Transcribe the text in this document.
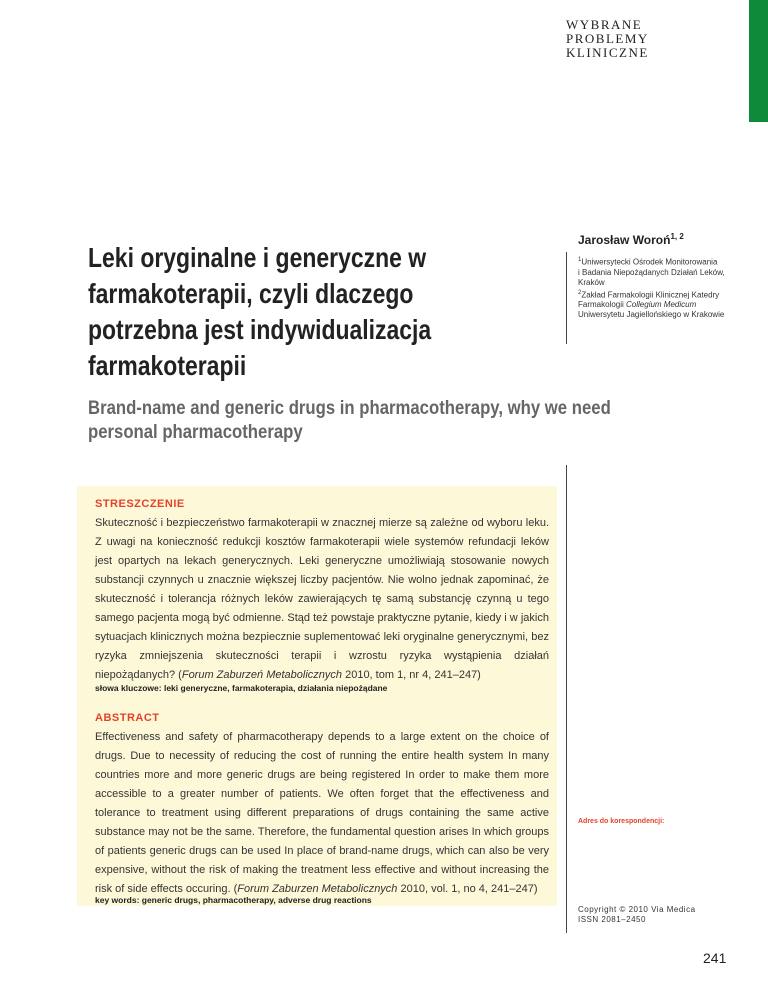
WYBRANE
PROBLEMY
KLINICZNE
Leki oryginalne i generyczne w farmakoterapii, czyli dlaczego potrzebna jest indywidualizacja farmakoterapii
Jarosław Woroń$^{1, 2}$
$^1$Uniwersytecki Ośrodek Monitorowania
i Badania Niepożądanych Działań Leków,
Kraków
$^2$Zakład Farmakologii Klinicznej Katedry
Farmakologii Collegium Medicum
Uniwersytetu Jagiellońskiego w Krakowie
Brand-name and generic drugs in pharmacotherapy, why we need personal pharmacotherapy
STRESZCZENIE
Skuteczność i bezpieczeństwo farmakoterapii w znacznej mierze są zależne od wyboru leku. Z uwagi na konieczność redukcji kosztów farmakoterapii wiele systemów refundacji leków jest opartych na lekach generycznych. Leki generyczne umożliwiają stosowanie nowych substancji czynnych u znacznie większej liczby pacjentów. Nie wolno jednak zapominać, że skuteczność i tolerancja różnych leków zawierających tę samą substancję czynną u tego samego pacjenta mogą być odmienne. Stąd też powstaje praktyczne pytanie, kiedy i w jakich sytuacjach klinicznych można bezpiecznie suplementować leki oryginalne generycznymi, bez ryzyka zmniejszenia skuteczności terapii i wzrostu ryzyka wystąpienia działań niepożądanych? (Forum Zaburzeń Metabolicznych 2010, tom 1, nr 4, 241–247)
słowa kluczowe: leki generyczne, farmakoterapia, działania niepożądane
ABSTRACT
Effectiveness and safety of pharmacotherapy depends to a large extent on the choice of drugs. Due to necessity of reducing the cost of running the entire health system In many countries more and more generic drugs are being registered In order to make them more accessible to a greater number of patients. We often forget that the effectiveness and tolerance to treatment using different preparations of drugs containing the same active substance may not be the same. Therefore, the fundamental question arises In which groups of patients generic drugs can be used In place of brand-name drugs, which can also be very expensive, without the risk of making the treatment less effective and without increasing the risk of side effects occuring. (Forum Zaburzen Metabolicznych 2010, vol. 1, no 4, 241–247)
key words: generic drugs, pharmacotherapy, adverse drug reactions
Adres do korespondencji:
Copyright © 2010 Via Medica
ISSN 2081–2450
241
